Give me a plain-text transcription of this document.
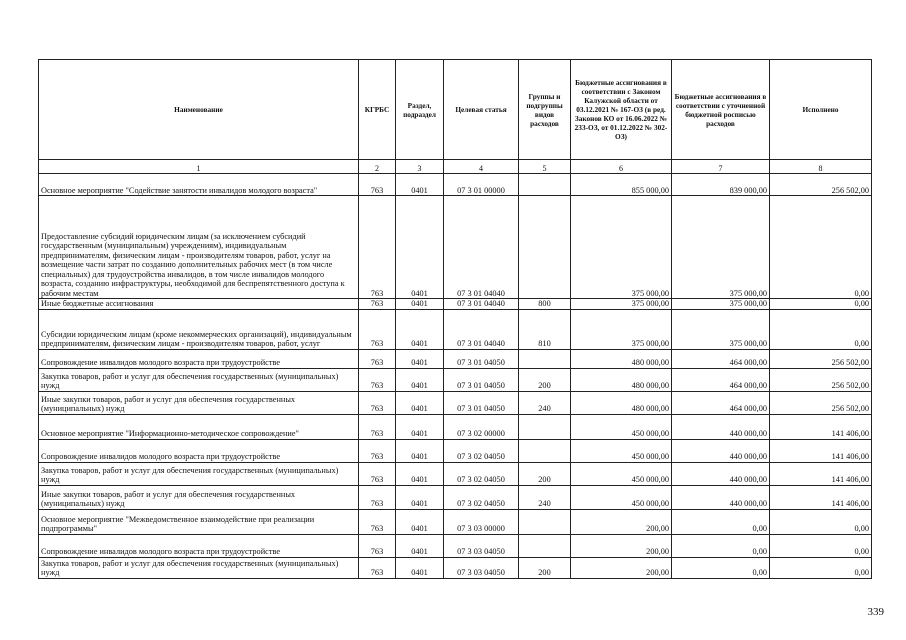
Наименование	КГРБС	Раздел, подраздел	Целевая статья	Группы и подгруппы видов расходов	Бюджетные ассигнования в соответствии с Законом Калужской области от 03.12.2021 № 167-ОЗ (в ред. Законов КО от 16.06.2022 № 233-ОЗ, от 01.12.2022 № 302-ОЗ)	Бюджетные ассигнования в соответствии с уточненной бюджетной росписью расходов	Исполнено
1	2	3	4	5	6	7	8
Основное мероприятие "Содействие занятости инвалидов молодого возраста"	763	0401	07 3 01 00000		855 000,00	839 000,00	256 502,00
Предоставление субсидий юридическим лицам (за исключением субсидий государственным (муниципальным) учреждениям), индивидуальным предпринимателям, физическим лицам - производителям товаров, работ, услуг на возмещение части затрат по созданию дополнительных рабочих мест (в том числе специальных) для трудоустройства инвалидов, в том числе инвалидов молодого возраста, созданию инфраструктуры, необходимой для беспрепятственного доступа к рабочим местам	763	0401	07 3 01 04040		375 000,00	375 000,00	0,00
Иные бюджетные ассигнования	763	0401	07 3 01 04040	800	375 000,00	375 000,00	0,00
Субсидии юридическим лицам (кроме некоммерческих организаций), индивидуальным предпринимателям, физическим лицам - производителям товаров, работ, услуг	763	0401	07 3 01 04040	810	375 000,00	375 000,00	0,00
Сопровождение инвалидов молодого возраста при трудоустройстве	763	0401	07 3 01 04050		480 000,00	464 000,00	256 502,00
Закупка товаров, работ и услуг для обеспечения государственных (муниципальных) нужд	763	0401	07 3 01 04050	200	480 000,00	464 000,00	256 502,00
Иные закупки товаров, работ и услуг для обеспечения государственных (муниципальных) нужд	763	0401	07 3 01 04050	240	480 000,00	464 000,00	256 502,00
Основное мероприятие "Информационно-методическое сопровождение"	763	0401	07 3 02 00000		450 000,00	440 000,00	141 406,00
Сопровождение инвалидов молодого возраста при трудоустройстве	763	0401	07 3 02 04050		450 000,00	440 000,00	141 406,00
Закупка товаров, работ и услуг для обеспечения государственных (муниципальных) нужд	763	0401	07 3 02 04050	200	450 000,00	440 000,00	141 406,00
Иные закупки товаров, работ и услуг для обеспечения государственных (муниципальных) нужд	763	0401	07 3 02 04050	240	450 000,00	440 000,00	141 406,00
Основное мероприятие "Межведомственное взаимодействие при реализации подпрограммы"	763	0401	07 3 03 00000		200,00	0,00	0,00
Сопровождение инвалидов молодого возраста при трудоустройстве	763	0401	07 3 03 04050		200,00	0,00	0,00
Закупка товаров, работ и услуг для обеспечения государственных (муниципальных) нужд	763	0401	07 3 03 04050	200	200,00	0,00	0,00
339
